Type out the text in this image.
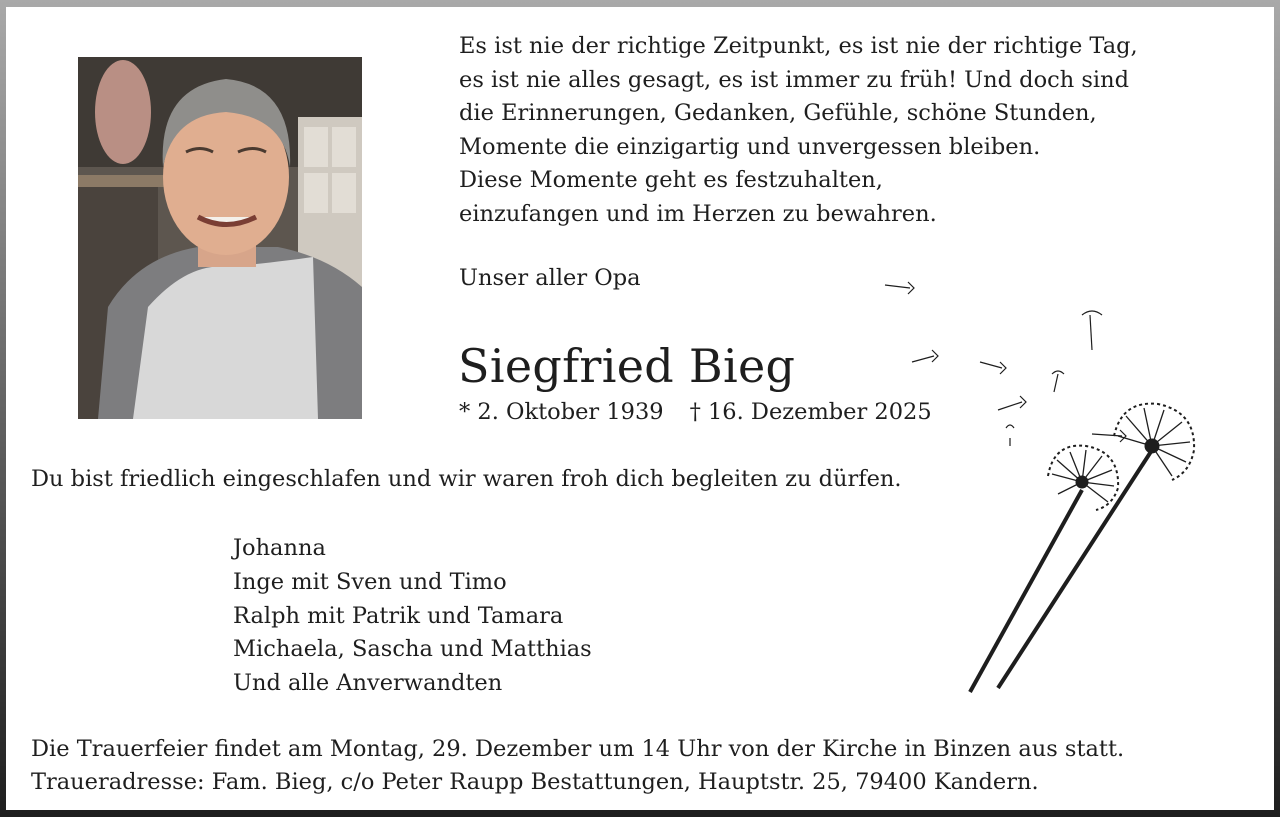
Es ist nie der richtige Zeitpunkt, es ist nie der richtige Tag,
es ist nie alles gesagt, es ist immer zu früh! Und doch sind
die Erinnerungen, Gedanken, Gefühle, schöne Stunden,
Momente die einzigartig und unvergessen bleiben.
Diese Momente geht es festzuhalten,
einzufangen und im Herzen zu bewahren.
Unser aller Opa
Siegfried Bieg
* 2. Oktober 1939 † 16. Dezember 2025
Du bist friedlich eingeschlafen und wir waren froh dich begleiten zu dürfen.
Johanna
Inge mit Sven und Timo
Ralph mit Patrik und Tamara
Michaela, Sascha und Matthias
Und alle Anverwandten
Die Trauerfeier findet am Montag, 29. Dezember um 14 Uhr von der Kirche in Binzen aus statt.
Traueradresse: Fam. Bieg, c/o Peter Raupp Bestattungen, Hauptstr. 25, 79400 Kandern.
